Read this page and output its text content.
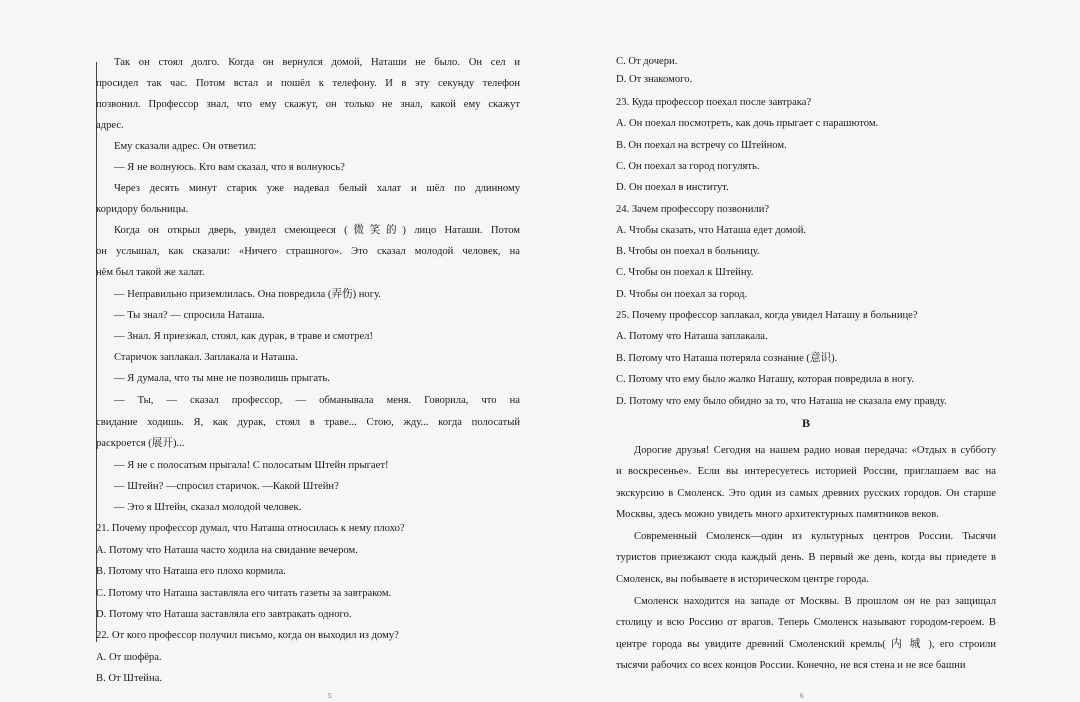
Так он стоял долго. Когда он вернулся домой, Наташи не было. Он сел и
просидел так час. Потом встал и пошёл к телефону. И в эту секунду телефон
позвонил. Профессор знал, что ему скажут, он только не знал, какой ему скажут
адрес.
Ему сказали адрес. Он ответил:
— Я не волнуюсь. Кто вам сказал, что я волнуюсь?
Через десять минут старик уже надевал белый халат и шёл по длинному
коридору больницы.
Когда он открыл дверь, увидел смеющееся (微笑的) лицо Наташи. Потом
он услышал, как сказали: «Ничего страшного». Это сказал молодой человек, на
нём был такой же халат.
— Неправильно приземлилась. Она повредила (弄伤) ногу.
— Ты знал? — спросила Наташа.
— Знал. Я приезжал, стоял, как дурак, в траве и смотрел!
Старичок заплакал. Заплакала и Наташа.
— Я думала, что ты мне не позволишь прыгать.
— Ты, — сказал профессор, — обманывала меня. Говорила, что на
свидание ходишь. Я, как дурак, стоял в траве... Стою, жду... когда полосатый
раскроется (展开)...
— Я не с полосатым прыгала! С полосатым Штейн прыгает!
— Штейн? —спросил старичок. —Какой Штейн?
— Это я Штейн, сказал молодой человек.
21. Почему профессор думал, что Наташа относилась к нему плохо?
A. Потому что Наташа часто ходила на свидание вечером.
B. Потому что Наташа его плохо кормила.
C. Потому что Наташа заставляла его читать газеты за завтраком.
D. Потому что Наташа заставляла его завтракать одного.
22. От кого профессор получил письмо, когда он выходил из дому?
A. От шофёра.
B. От Штейна.
C. От дочери.
D. От знакомого.
23. Куда профессор поехал после завтрака?
A. Он поехал посмотреть, как дочь прыгает с парашютом.
B. Он поехал на встречу со Штейном.
C. Он поехал за город погулять.
D. Он поехал в институт.
24. Зачем профессору позвонили?
A. Чтобы сказать, что Наташа едет домой.
B. Чтобы он поехал в больницу.
C. Чтобы он поехал к Штейну.
D. Чтобы он поехал за город.
25. Почему профессор заплакал, когда увидел Наташу в больнице?
A. Потому что Наташа заплакала.
B. Потому что Наташа потеряла сознание (意识).
C. Потому что ему было жалко Наташу, которая повредила в ногу.
D. Потому что ему было обидно за то, что Наташа не сказала ему правду.
B
Дорогие друзья! Сегодня на нашем радио новая передача: «Отдых в субботу
и воскресенье». Если вы интересуетесь историей России, приглашаем вас на
экскурсию в Смоленск. Это один из самых древних русских городов. Он старше
Москвы, здесь можно увидеть много архитектурных памятников веков.
Современный Смоленск—один из культурных центров России. Тысячи
туристов приезжают сюда каждый день. В первый же день, когда вы приедете в
Смоленск, вы побываете в историческом центре города.
Смоленск находится на западе от Москвы. В прошлом он не раз защищал
столицу и всю Россию от врагов. Теперь Смоленск называют городом-героем. В
центре города вы увидите древний Смоленский кремль( 内 城 ), его строили
тысячи рабочих со всех концов России. Конечно, не вся стена и не все башни
5	6
